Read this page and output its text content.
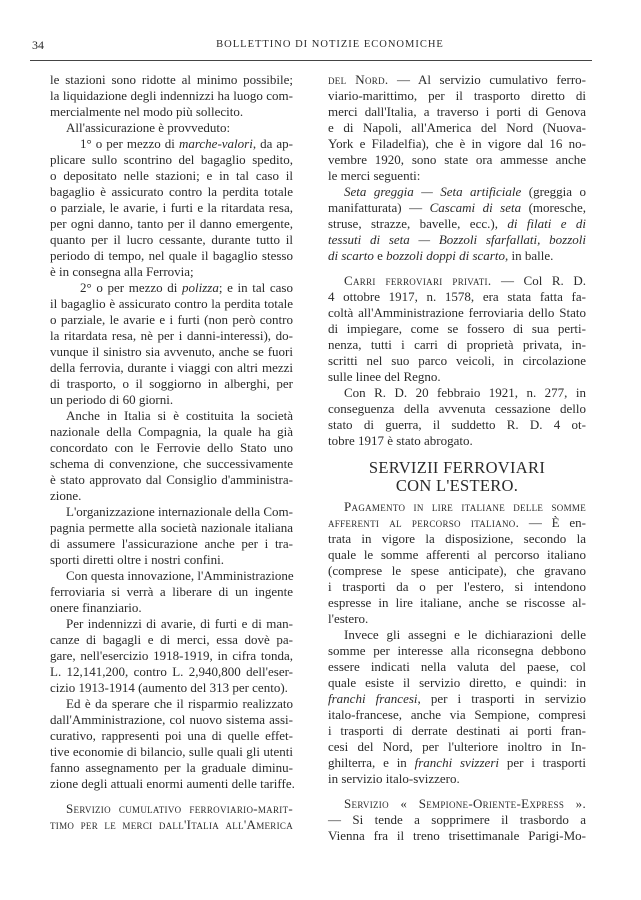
34	BOLLETTINO DI NOTIZIE ECONOMICHE
le stazioni sono ridotte al minimo possibile;
la liquidazione degli indennizzi ha luogo com-
mercialmente nel modo più sollecito.
All'assicurazione è provveduto:
1° o per mezzo di marche-valori, da ap-
plicare sullo scontrino del bagaglio spedito,
o depositato nelle stazioni; e in tal caso il
bagaglio è assicurato contro la perdita totale
o parziale, le avarie, i furti e la ritardata resa,
per ogni danno, tanto per il danno emergente,
quanto per il lucro cessante, durante tutto il
periodo di tempo, nel quale il bagaglio stesso
è in consegna alla Ferrovia;
2° o per mezzo di polizza; e in tal caso
il bagaglio è assicurato contro la perdita totale
o parziale, le avarie e i furti (non però contro
la ritardata resa, nè per i danni-interessi), do-
vunque il sinistro sia avvenuto, anche se fuori
della ferrovia, durante i viaggi con altri mezzi
di trasporto, o il soggiorno in alberghi, per
un periodo di 60 giorni.
Anche in Italia si è costituita la società
nazionale della Compagnia, la quale ha già
concordato con le Ferrovie dello Stato uno
schema di convenzione, che successivamente
è stato approvato dal Consiglio d'amministra-
zione.
L'organizzazione internazionale della Com-
pagnia permette alla società nazionale italiana
di assumere l'assicurazione anche per i tra-
sporti diretti oltre i nostri confini.
Con questa innovazione, l'Amministrazione
ferroviaria si verrà a liberare di un ingente
onere finanziario.
Per indennizzi di avarie, di furti e di man-
canze di bagagli e di merci, essa dovè pa-
gare, nell'esercizio 1918-1919, in cifra tonda,
L. 12,141,200, contro L. 2,940,800 dell'eser-
cizio 1913-1914 (aumento del 313 per cento).
Ed è da sperare che il risparmio realizzato
dall'Amministrazione, col nuovo sistema assi-
curativo, rappresenti poi una di quelle effet-
tive economie di bilancio, sulle quali gli utenti
fanno assegnamento per la graduale diminu-
zione degli attuali enormi aumenti delle tariffe.
Servizio cumulativo ferroviario-marit-
timo per le merci dall'Italia all'America
del Nord. — Al servizio cumulativo ferro-
viario-marittimo, per il trasporto diretto di
merci dall'Italia, a traverso i porti di Genova
e di Napoli, all'America del Nord (Nuova-
York e Filadelfia), che è in vigore dal 16 no-
vembre 1920, sono state ora ammesse anche
le merci seguenti:
Seta greggia — Seta artificiale (greggia o
manifatturata) — Cascami di seta (moresche,
struse, strazze, bavelle, ecc.), di filati e di
tessuti di seta — Bozzoli sfarfallati, bozzoli
di scarto e bozzoli doppi di scarto, in balle.
Carri ferroviari privati. — Col R. D.
4 ottobre 1917, n. 1578, era stata fatta fa-
coltà all'Amministrazione ferroviaria dello Stato
di impiegare, come se fossero di sua perti-
nenza, tutti i carri di proprietà privata, in-
scritti nel suo parco veicoli, in circolazione
sulle linee del Regno.
Con R. D. 20 febbraio 1921, n. 277, in
conseguenza della avvenuta cessazione dello
stato di guerra, il suddetto R. D. 4 ot-
tobre 1917 è stato abrogato.
SERVIZII FERROVIARI
CON L'ESTERO.
Pagamento in lire italiane delle somme
afferenti al percorso italiano. — È en-
trata in vigore la disposizione, secondo la
quale le somme afferenti al percorso italiano
(comprese le spese anticipate), che gravano
i trasporti da o per l'estero, si intendono
espresse in lire italiane, anche se riscosse al-
l'estero.
Invece gli assegni e le dichiarazioni delle
somme per interesse alla riconsegna debbono
essere indicati nella valuta del paese, col
quale esiste il servizio diretto, e quindi: in
franchi francesi, per i trasporti in servizio
italo-francese, anche via Sempione, compresi
i trasporti di derrate destinati ai porti fran-
cesi del Nord, per l'ulteriore inoltro in In-
ghilterra, e in franchi svizzeri per i trasporti
in servizio italo-svizzero.
Servizio « Sempione-Oriente-Express ».
— Si tende a sopprimere il trasbordo a
Vienna fra il treno trisettimanale Parigi-Mo-
